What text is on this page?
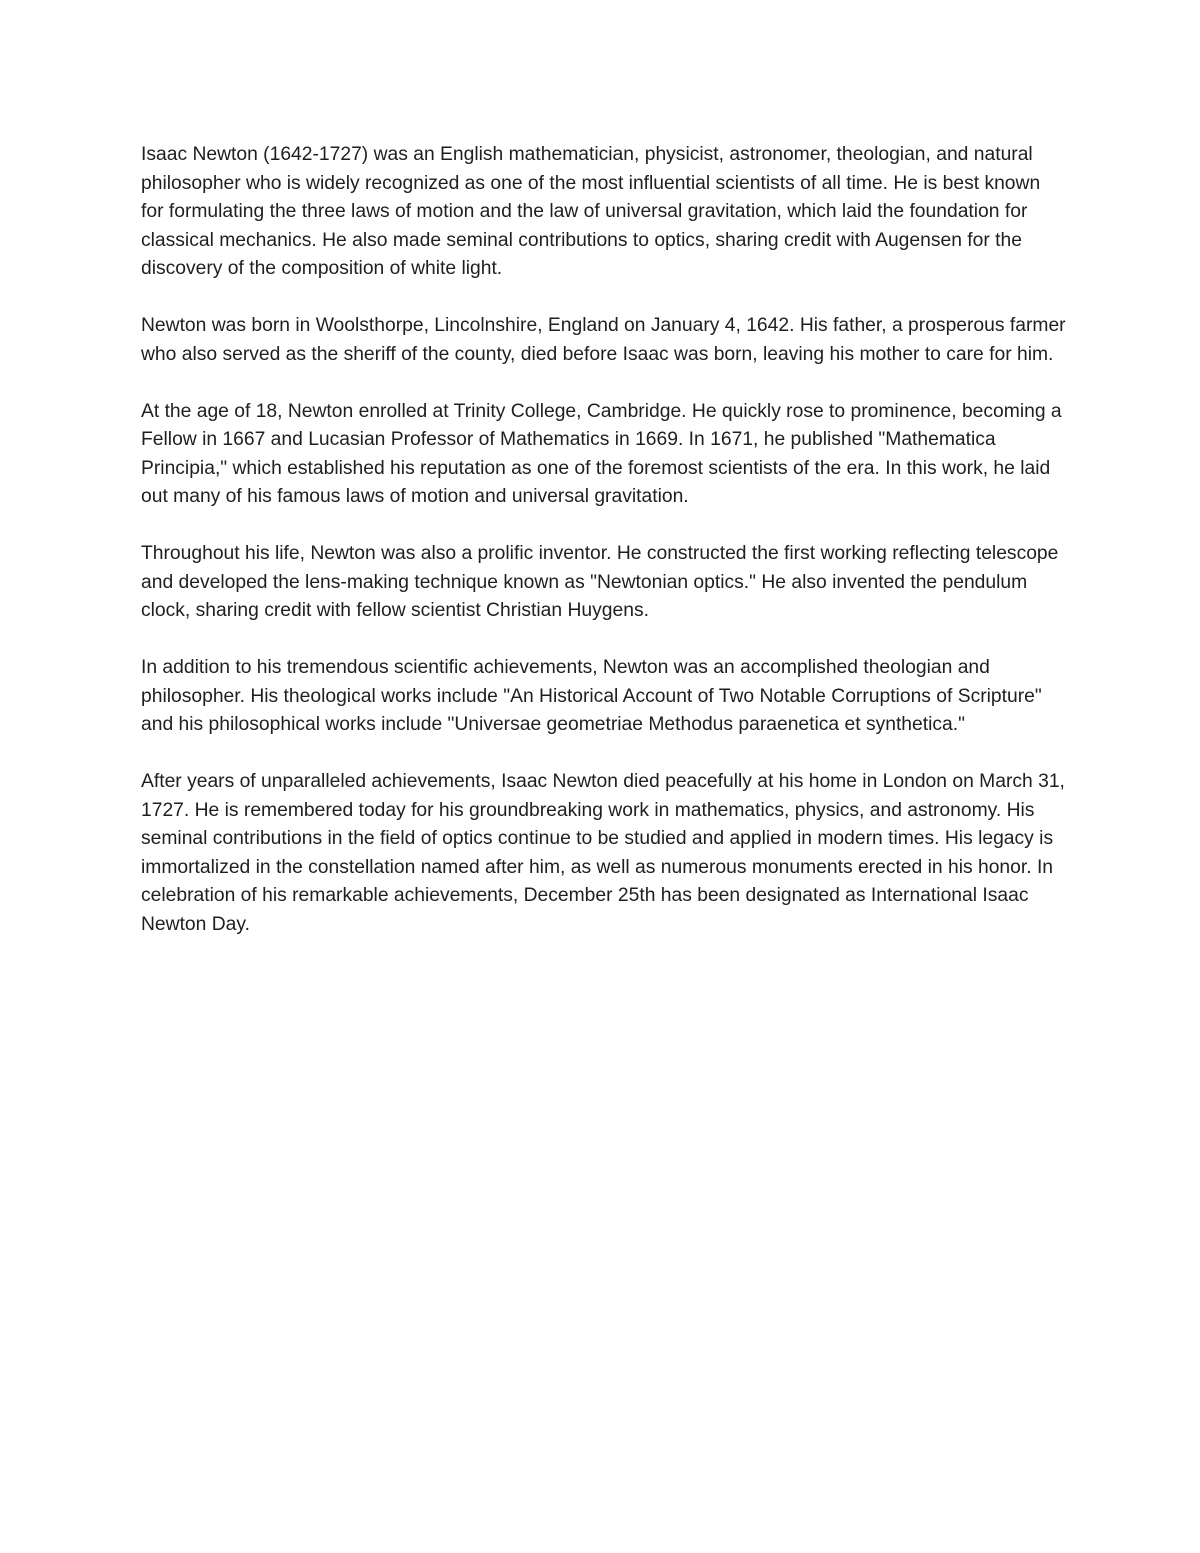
Isaac Newton (1642-1727) was an English mathematician, physicist, astronomer, theologian, and natural philosopher who is widely recognized as one of the most influential scientists of all time. He is best known for formulating the three laws of motion and the law of universal gravitation, which laid the foundation for classical mechanics. He also made seminal contributions to optics, sharing credit with Augensen for the discovery of the composition of white light.

Newton was born in Woolsthorpe, Lincolnshire, England on January 4, 1642. His father, a prosperous farmer who also served as the sheriff of the county, died before Isaac was born, leaving his mother to care for him.

At the age of 18, Newton enrolled at Trinity College, Cambridge. He quickly rose to prominence, becoming a Fellow in 1667 and Lucasian Professor of Mathematics in 1669. In 1671, he published "Mathematica Principia," which established his reputation as one of the foremost scientists of the era. In this work, he laid out many of his famous laws of motion and universal gravitation.

Throughout his life, Newton was also a prolific inventor. He constructed the first working reflecting telescope and developed the lens-making technique known as "Newtonian optics." He also invented the pendulum clock, sharing credit with fellow scientist Christian Huygens.

In addition to his tremendous scientific achievements, Newton was an accomplished theologian and philosopher. His theological works include "An Historical Account of Two Notable Corruptions of Scripture" and his philosophical works include "Universae geometriae Methodus paraenetica et synthetica."

After years of unparalleled achievements, Isaac Newton died peacefully at his home in London on March 31, 1727. He is remembered today for his groundbreaking work in mathematics, physics, and astronomy. His seminal contributions in the field of optics continue to be studied and applied in modern times. His legacy is immortalized in the constellation named after him, as well as numerous monuments erected in his honor. In celebration of his remarkable achievements, December 25th has been designated as International Isaac Newton Day.
